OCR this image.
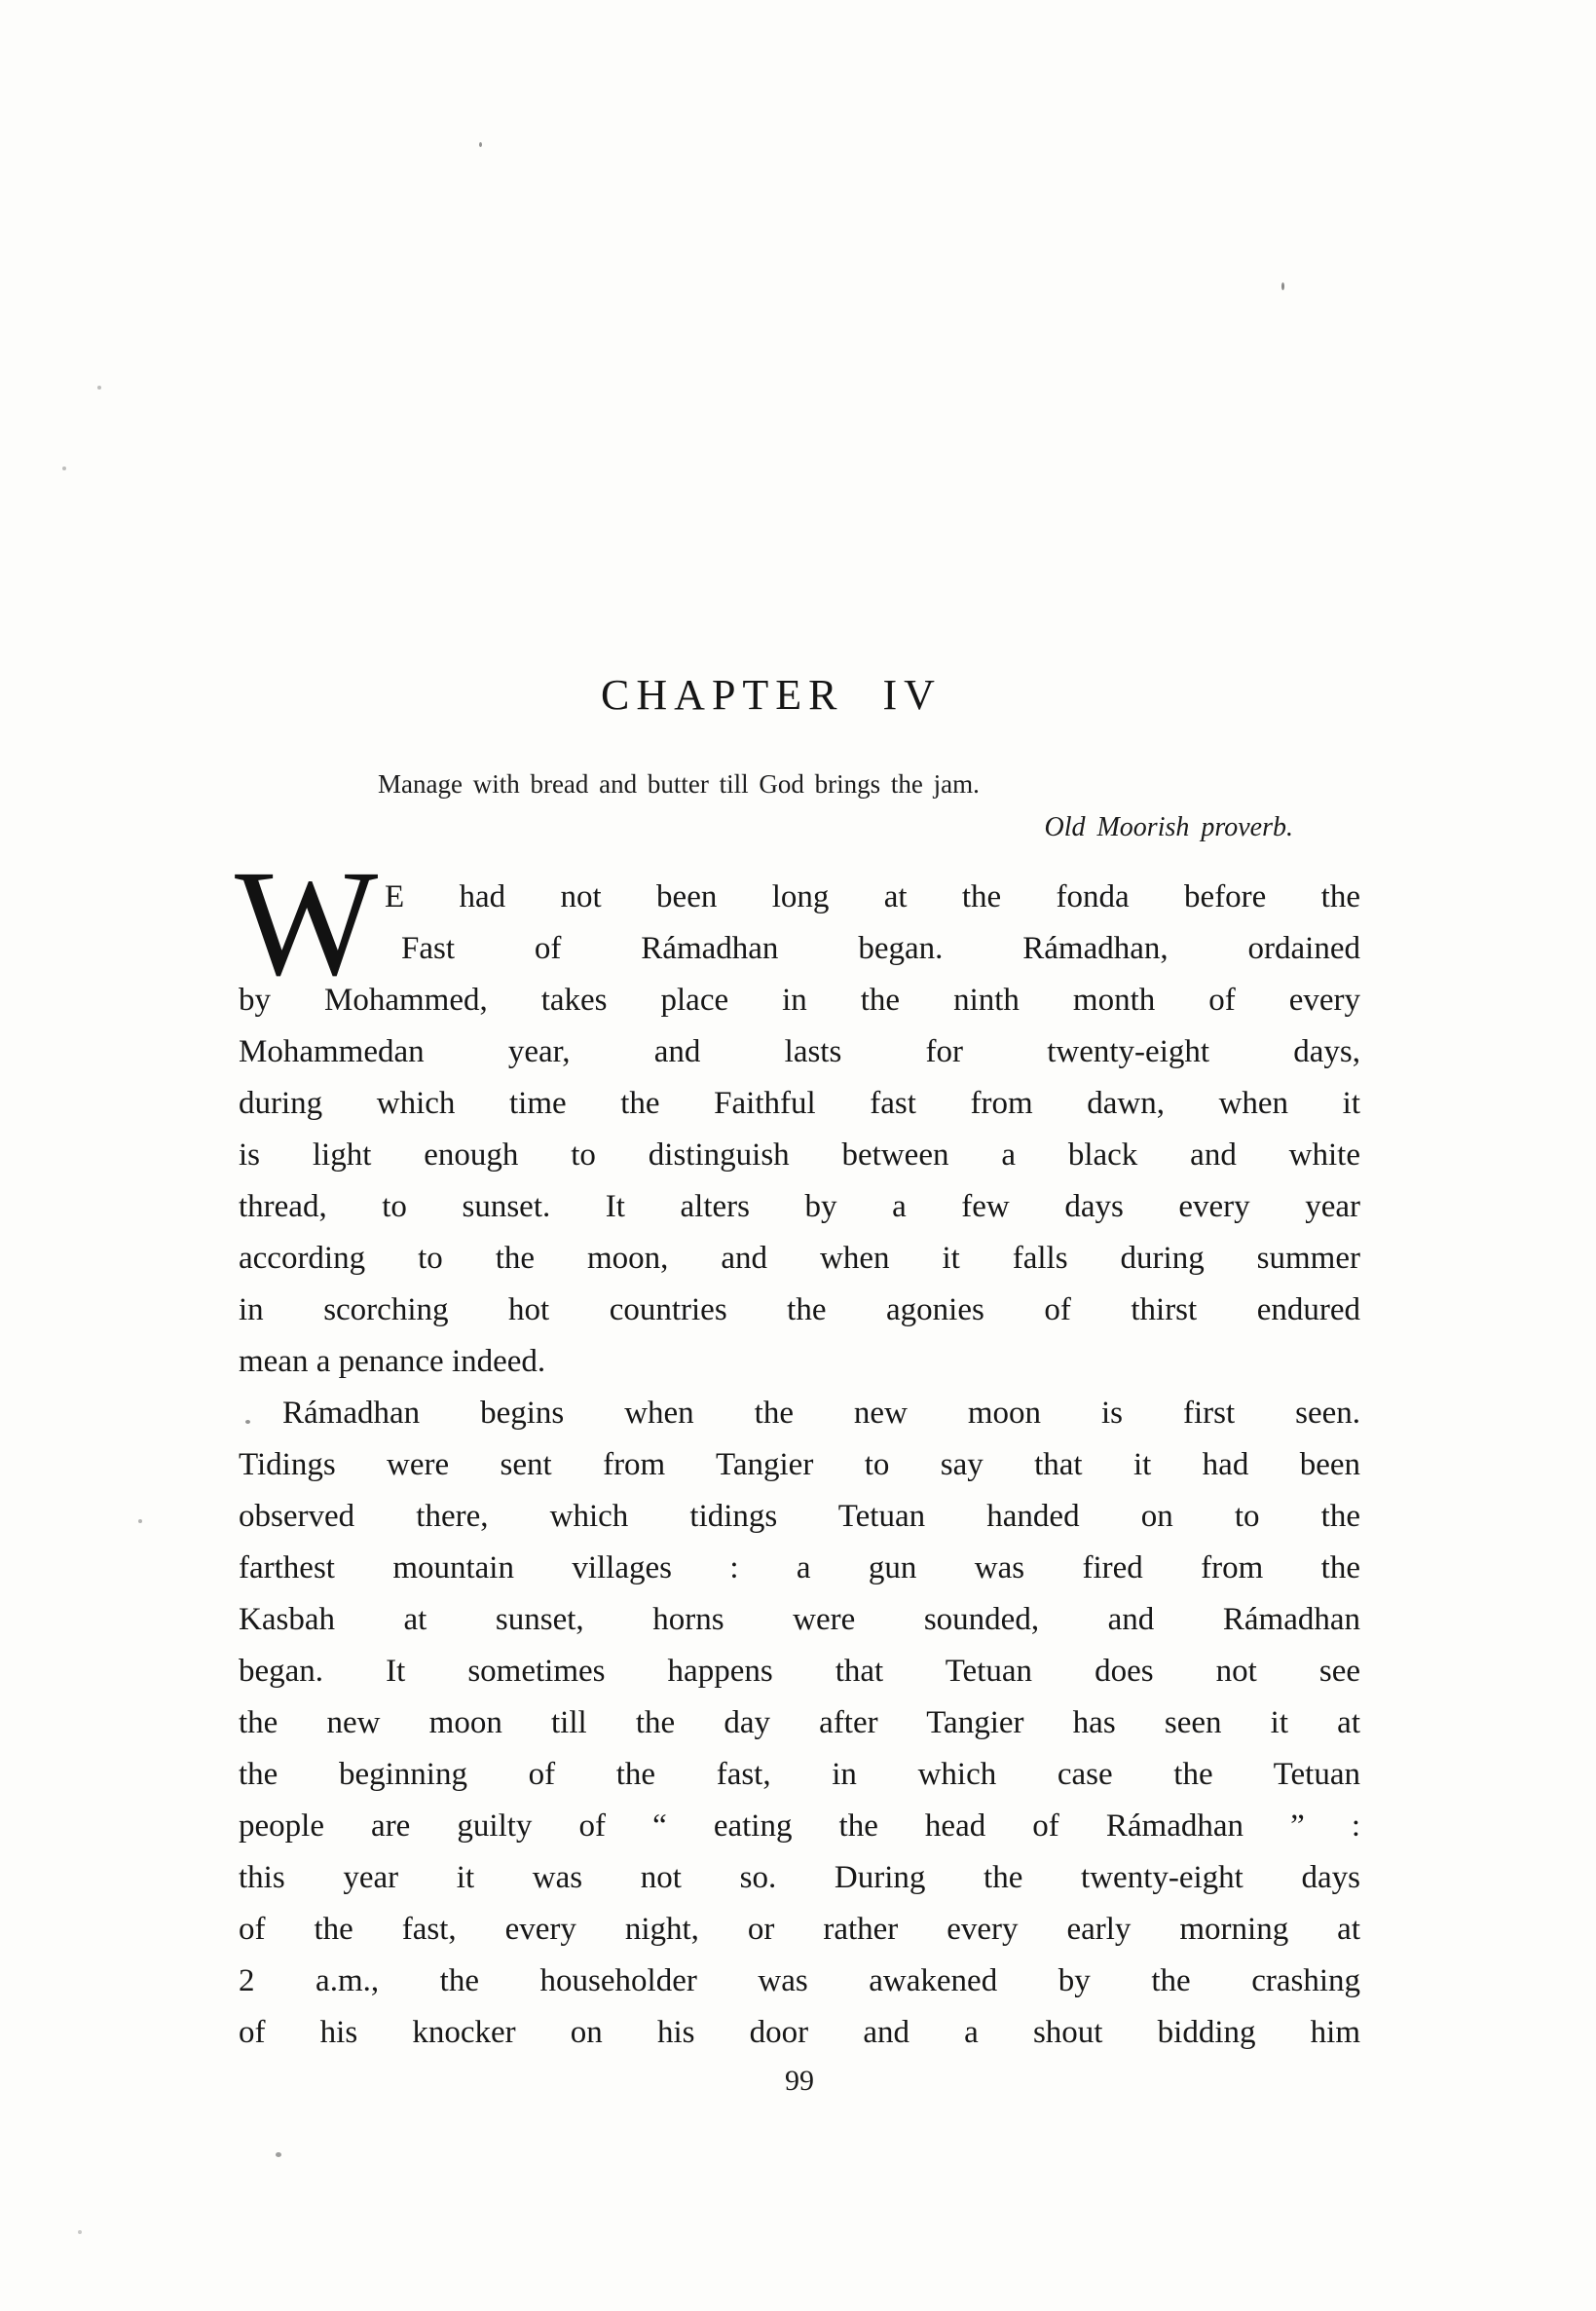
CHAPTER IV
Manage with bread and butter till God brings the jam.
Old Moorish proverb.
W E had not been long at the fonda before the
Fast of Rámadhan began. Rámadhan, ordained
by Mohammed, takes place in the ninth month of every
Mohammedan year, and lasts for twenty-eight days,
during which time the Faithful fast from dawn, when it
is light enough to distinguish between a black and white
thread, to sunset. It alters by a few days every year
according to the moon, and when it falls during summer
in scorching hot countries the agonies of thirst endured
mean a penance indeed.
Rámadhan begins when the new moon is first seen.
Tidings were sent from Tangier to say that it had been
observed there, which tidings Tetuan handed on to the
farthest mountain villages : a gun was fired from the
Kasbah at sunset, horns were sounded, and Rámadhan
began. It sometimes happens that Tetuan does not see
the new moon till the day after Tangier has seen it at
the beginning of the fast, in which case the Tetuan
people are guilty of “ eating the head of Rámadhan ” :
this year it was not so. During the twenty-eight days
of the fast, every night, or rather every early morning at
2 a.m., the householder was awakened by the crashing
of his knocker on his door and a shout bidding him
99
